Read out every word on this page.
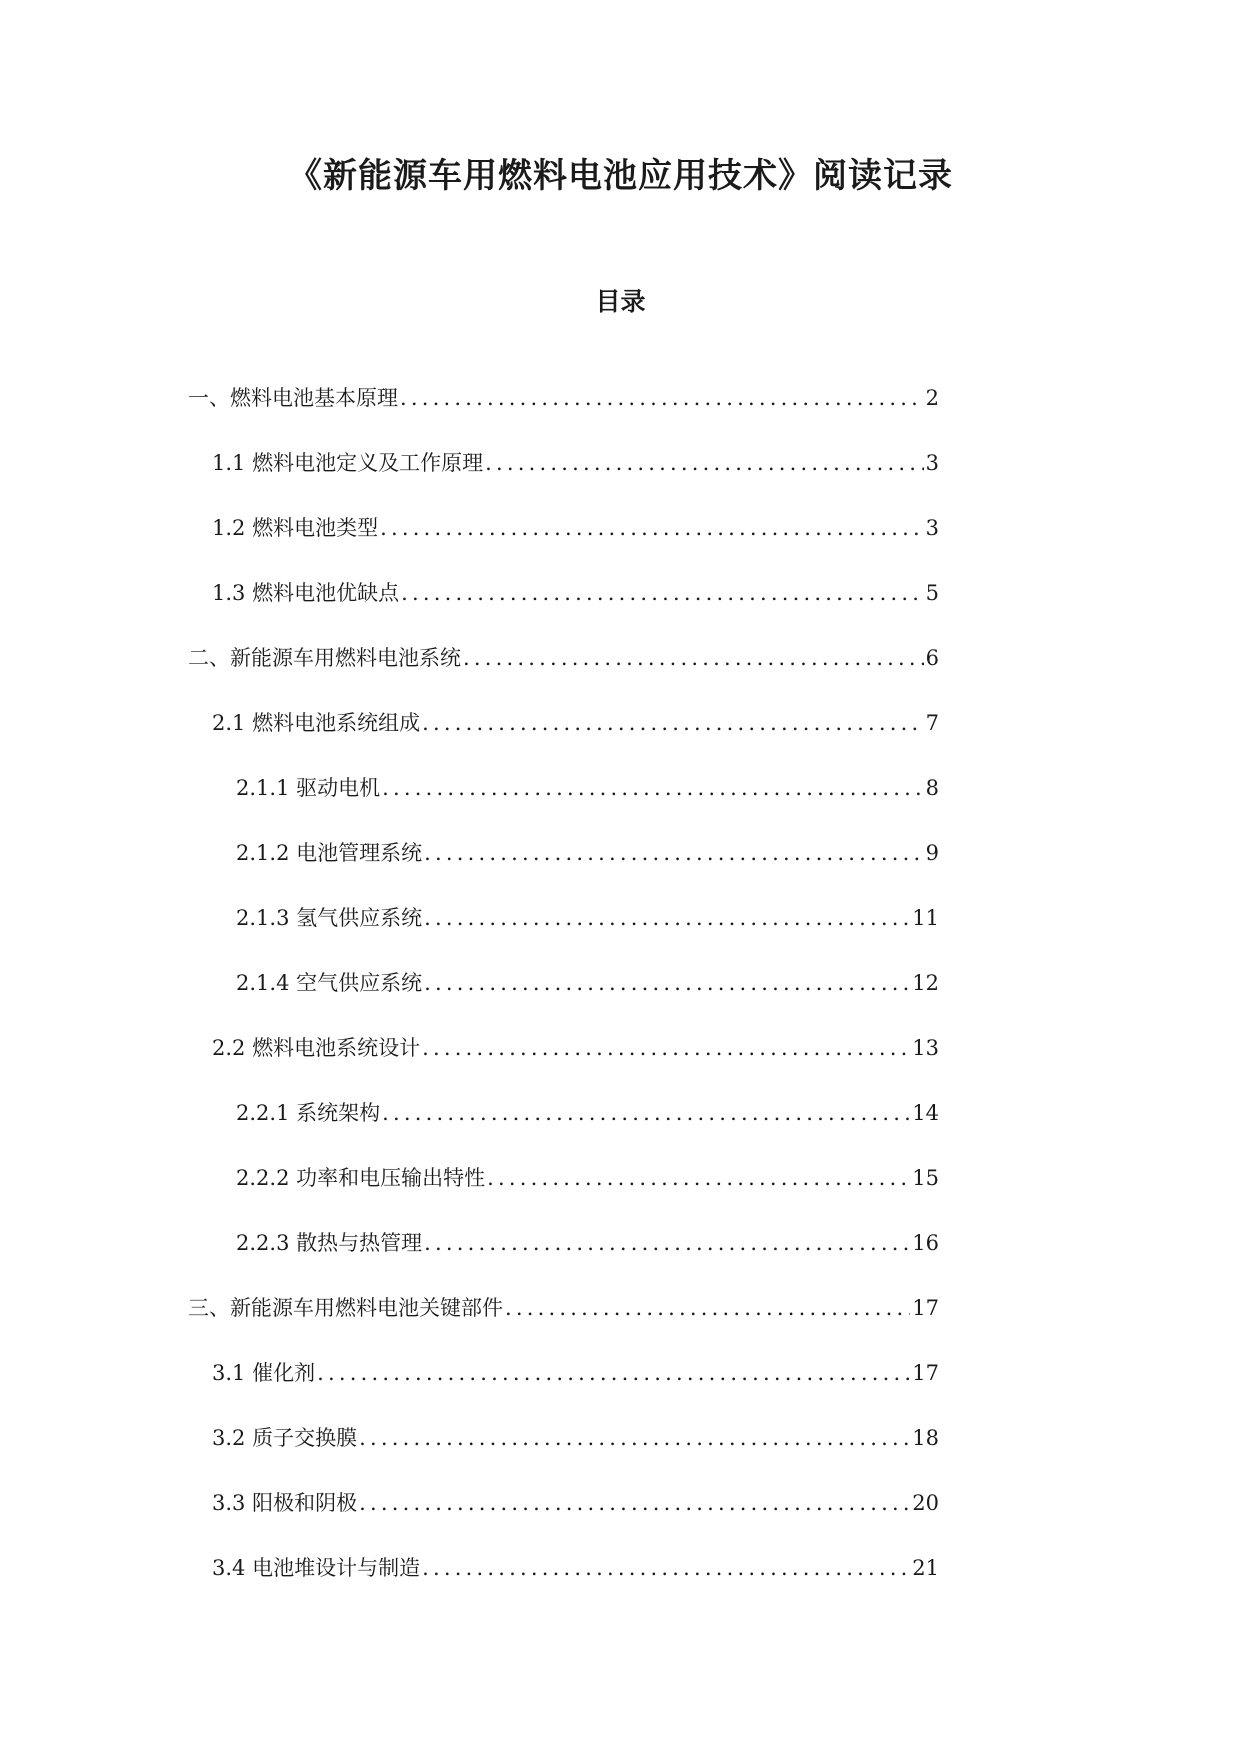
《新能源车用燃料电池应用技术》阅读记录
目录
一、燃料电池基本原理 .....	2
1.1 燃料电池定义及工作原理 .....	3
1.2 燃料电池类型 .....	3
1.3 燃料电池优缺点 .....	5
二、新能源车用燃料电池系统 .....	6
2.1 燃料电池系统组成 .....	7
2.1.1 驱动电机 .....	8
2.1.2 电池管理系统 .....	9
2.1.3 氢气供应系统 .....	11
2.1.4 空气供应系统 .....	12
2.2 燃料电池系统设计 .....	13
2.2.1 系统架构 .....	14
2.2.2 功率和电压输出特性 .....	15
2.2.3 散热与热管理 .....	16
三、新能源车用燃料电池关键部件 .....	17
3.1 催化剂 .....	17
3.2 质子交换膜 .....	18
3.3 阳极和阴极 .....	20
3.4 电池堆设计与制造 .....	21
